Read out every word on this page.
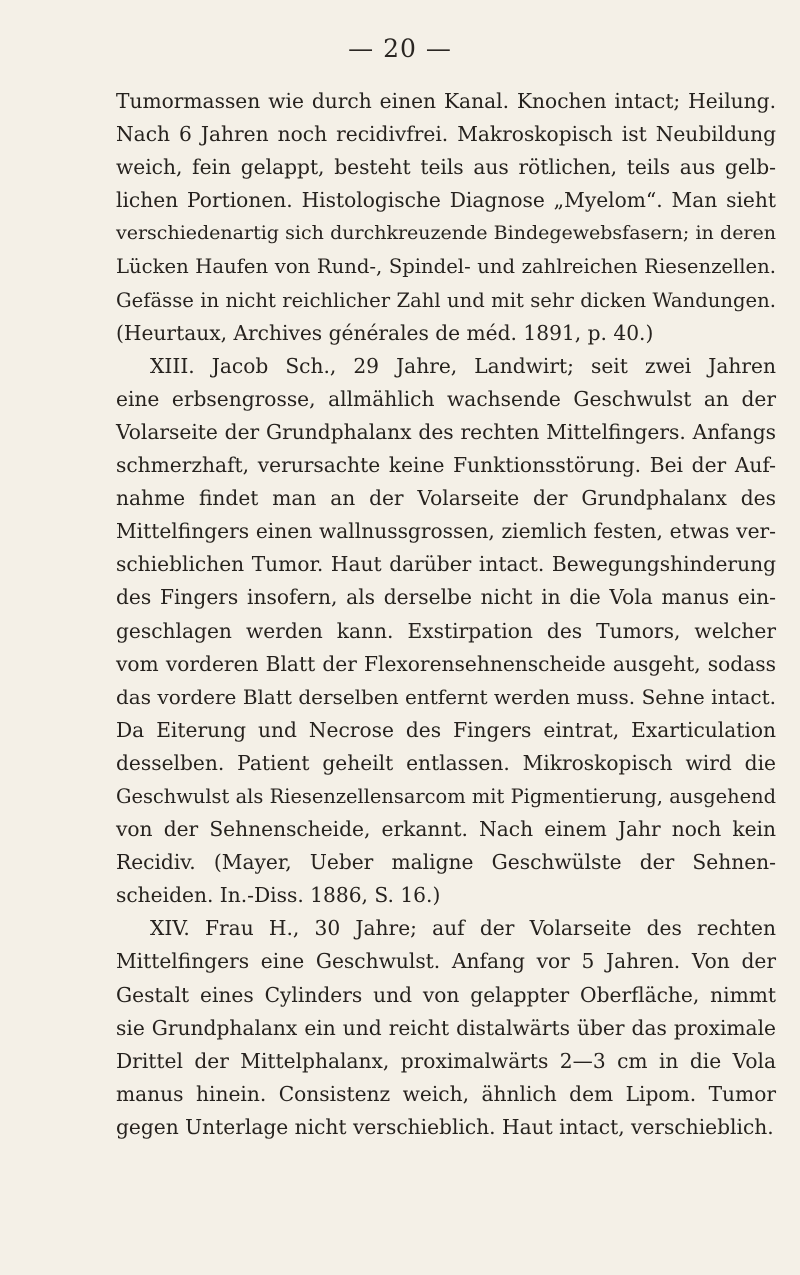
— 20 —
Tumormassen wie durch einen Kanal. Knochen intact; Heilung.
Nach 6 Jahren noch recidivfrei. Makroskopisch ist Neubildung
weich, fein gelappt, besteht teils aus rötlichen, teils aus gelb-
lichen Portionen. Histologische Diagnose „Myelom“. Man sieht
verschiedenartig sich durchkreuzende Bindegewebsfasern; in deren
Lücken Haufen von Rund-, Spindel- und zahlreichen Riesenzellen.
Gefässe in nicht reichlicher Zahl und mit sehr dicken Wandungen.
(Heurtaux, Archives générales de méd. 1891, p. 40.)
XIII. Jacob Sch., 29 Jahre, Landwirt; seit zwei Jahren
eine erbsengrosse, allmählich wachsende Geschwulst an der
Volarseite der Grundphalanx des rechten Mittelfingers. Anfangs
schmerzhaft, verursachte keine Funktionsstörung. Bei der Auf-
nahme findet man an der Volarseite der Grundphalanx des
Mittelfingers einen wallnussgrossen, ziemlich festen, etwas ver-
schieblichen Tumor. Haut darüber intact. Bewegungshinderung
des Fingers insofern, als derselbe nicht in die Vola manus ein-
geschlagen werden kann. Exstirpation des Tumors, welcher
vom vorderen Blatt der Flexorensehnenscheide ausgeht, sodass
das vordere Blatt derselben entfernt werden muss. Sehne intact.
Da Eiterung und Necrose des Fingers eintrat, Exarticulation
desselben. Patient geheilt entlassen. Mikroskopisch wird die
Geschwulst als Riesenzellensarcom mit Pigmentierung, ausgehend
von der Sehnenscheide, erkannt. Nach einem Jahr noch kein
Recidiv. (Mayer, Ueber maligne Geschwülste der Sehnen-
scheiden. In.-Diss. 1886, S. 16.)
XIV. Frau H., 30 Jahre; auf der Volarseite des rechten
Mittelfingers eine Geschwulst. Anfang vor 5 Jahren. Von der
Gestalt eines Cylinders und von gelappter Oberfläche, nimmt
sie Grundphalanx ein und reicht distalwärts über das proximale
Drittel der Mittelphalanx, proximalwärts 2—3 cm in die Vola
manus hinein. Consistenz weich, ähnlich dem Lipom. Tumor
gegen Unterlage nicht verschieblich. Haut intact, verschieblich.
